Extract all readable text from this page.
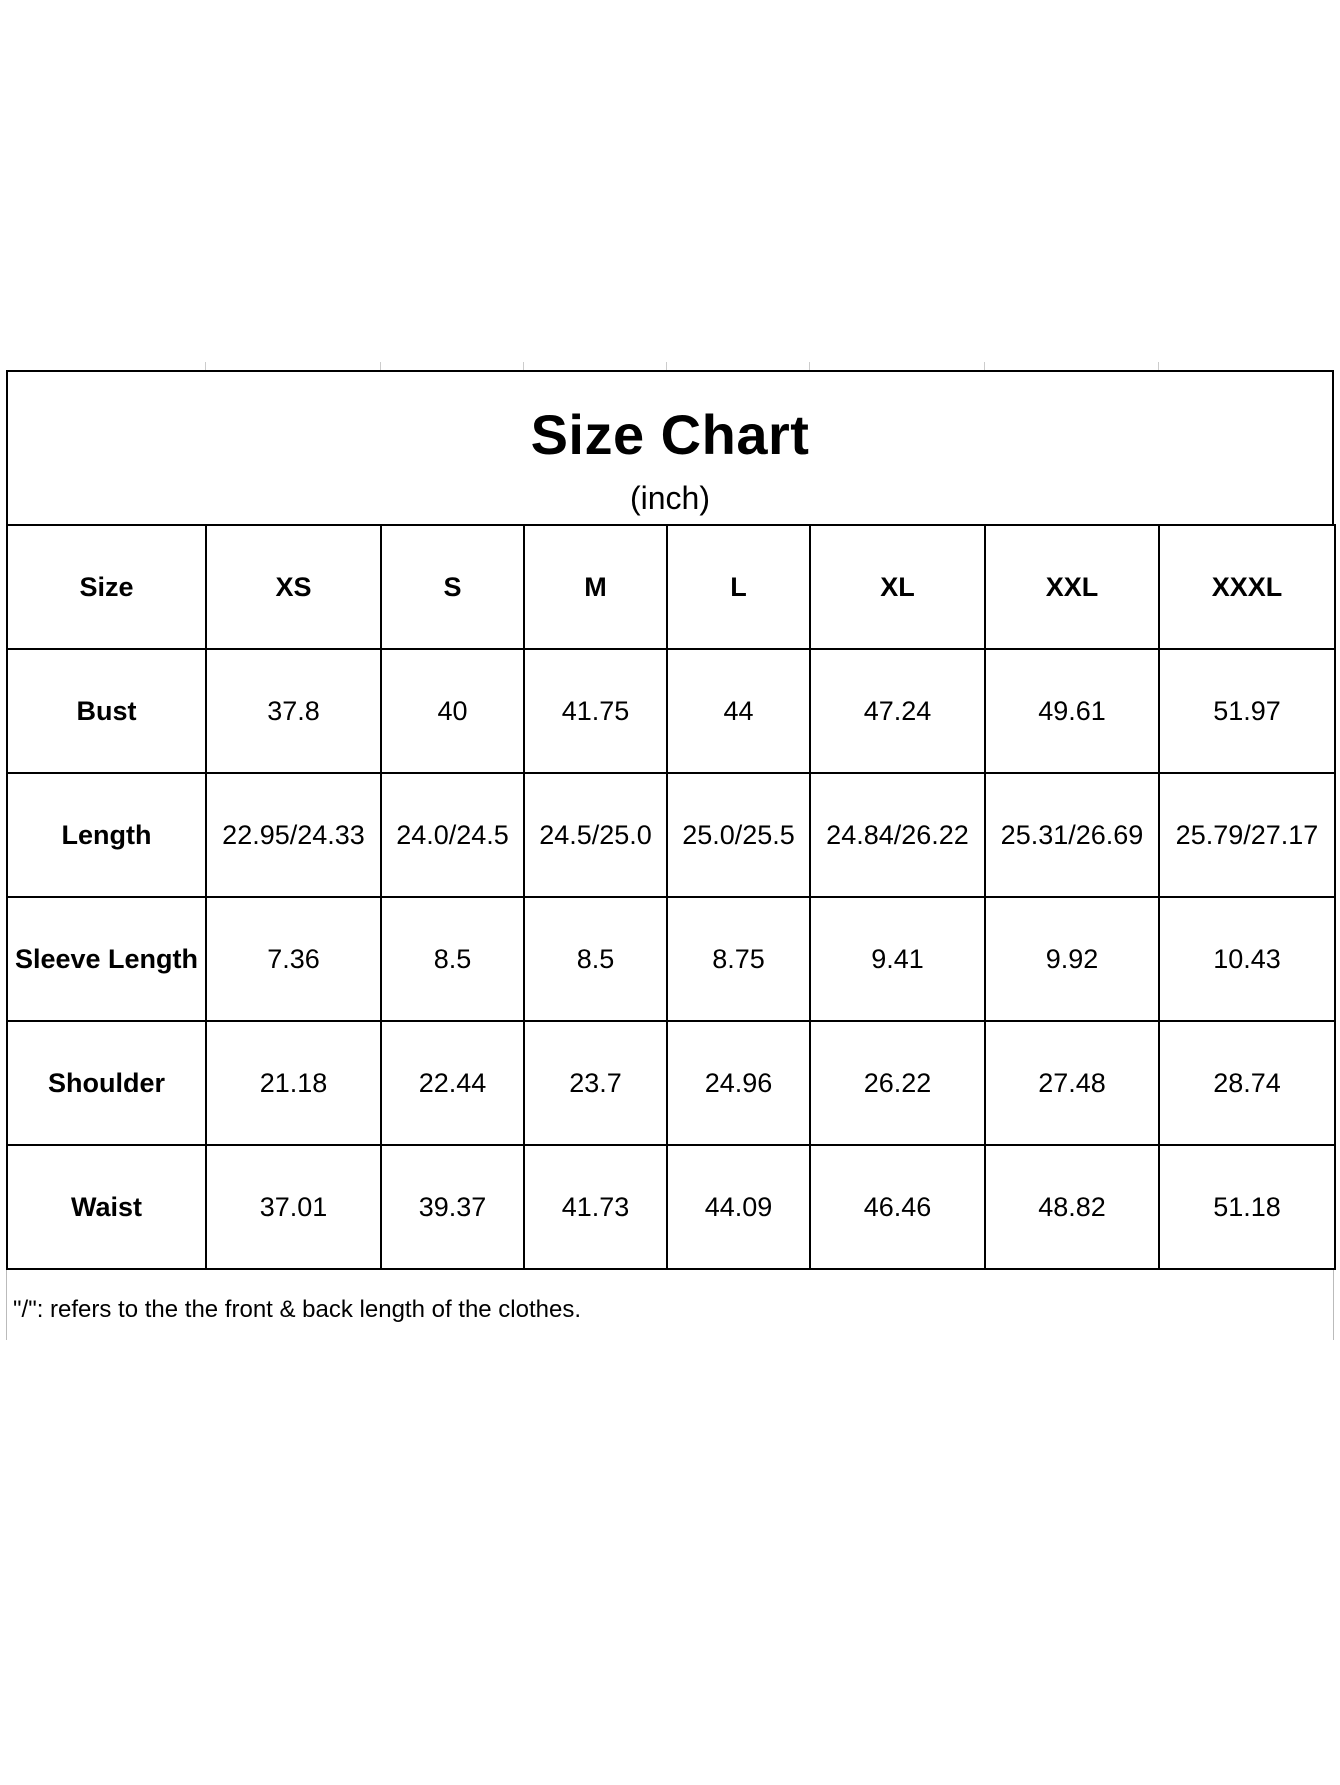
Size Chart
(inch)
Size	XS	S	M	L	XL	XXL	XXXL
Bust	37.8	40	41.75	44	47.24	49.61	51.97
Length	22.95/24.33	24.0/24.5	24.5/25.0	25.0/25.5	24.84/26.22	25.31/26.69	25.79/27.17
Sleeve Length	7.36	8.5	8.5	8.75	9.41	9.92	10.43
Shoulder	21.18	22.44	23.7	24.96	26.22	27.48	28.74
Waist	37.01	39.37	41.73	44.09	46.46	48.82	51.18
"/": refers to the the front & back length of the clothes.
